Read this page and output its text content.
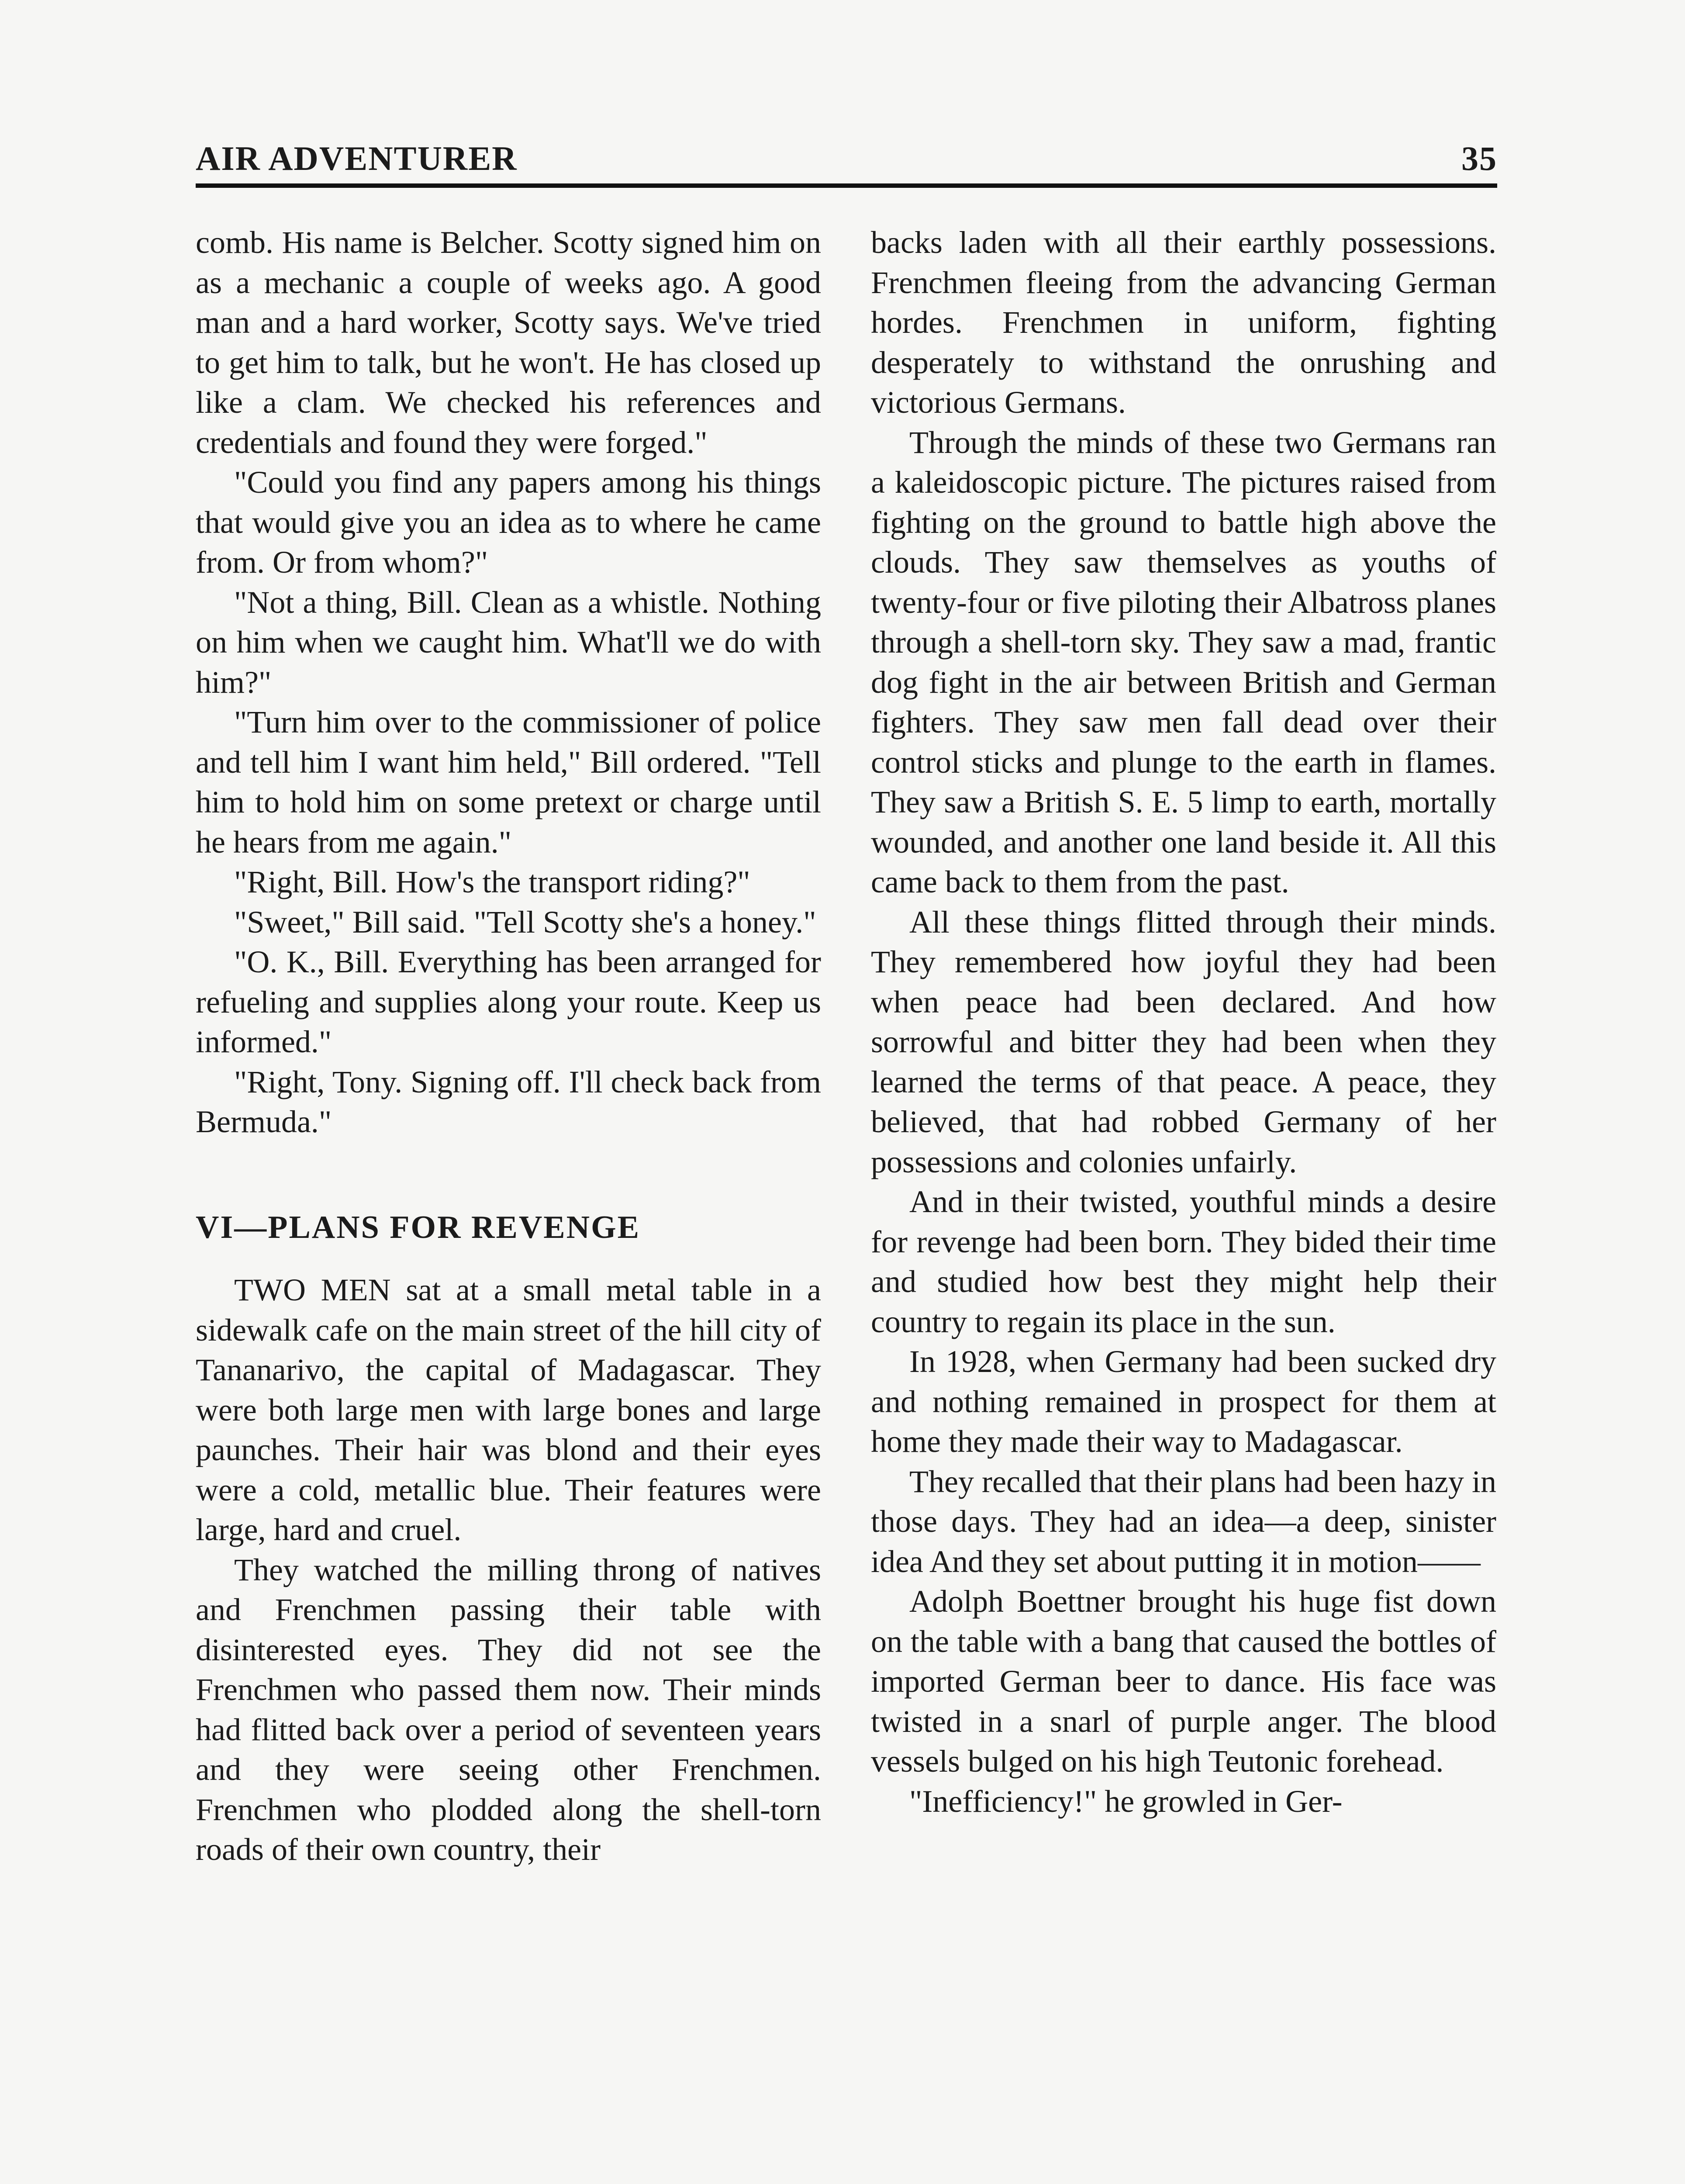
AIR ADVENTURER	35

comb. His name is Belcher. Scotty signed him on as a mechanic a couple of weeks ago. A good man and a hard worker, Scotty says. We've tried to get him to talk, but he won't. He has closed up like a clam. We checked his references and credentials and found they were forged."

"Could you find any papers among his things that would give you an idea as to where he came from. Or from whom?"

"Not a thing, Bill. Clean as a whistle. Nothing on him when we caught him. What'll we do with him?"

"Turn him over to the commissioner of police and tell him I want him held," Bill ordered. "Tell him to hold him on some pretext or charge until he hears from me again."

"Right, Bill. How's the transport riding?"

"Sweet," Bill said. "Tell Scotty she's a honey."

"O. K., Bill. Everything has been arranged for refueling and supplies along your route. Keep us informed."

"Right, Tony. Signing off. I'll check back from Bermuda."

VI—PLANS FOR REVENGE

TWO MEN sat at a small metal table in a sidewalk cafe on the main street of the hill city of Tananarivo, the capital of Madagascar. They were both large men with large bones and large paunches. Their hair was blond and their eyes were a cold, metallic blue. Their features were large, hard and cruel.

They watched the milling throng of natives and Frenchmen passing their table with disinterested eyes. They did not see the Frenchmen who passed them now. Their minds had flitted back over a period of seventeen years and they were seeing other Frenchmen. Frenchmen who plodded along the shell-torn roads of their own country, their

backs laden with all their earthly possessions. Frenchmen fleeing from the advancing German hordes. Frenchmen in uniform, fighting desperately to withstand the onrushing and victorious Germans.

Through the minds of these two Germans ran a kaleidoscopic picture. The pictures raised from fighting on the ground to battle high above the clouds. They saw themselves as youths of twenty-four or five piloting their Albatross planes through a shell-torn sky. They saw a mad, frantic dog fight in the air between British and German fighters. They saw men fall dead over their control sticks and plunge to the earth in flames. They saw a British S. E. 5 limp to earth, mortally wounded, and another one land beside it. All this came back to them from the past.

All these things flitted through their minds. They remembered how joyful they had been when peace had been declared. And how sorrowful and bitter they had been when they learned the terms of that peace. A peace, they believed, that had robbed Germany of her possessions and colonies unfairly.

And in their twisted, youthful minds a desire for revenge had been born. They bided their time and studied how best they might help their country to regain its place in the sun.

In 1928, when Germany had been sucked dry and nothing remained in prospect for them at home they made their way to Madagascar.

They recalled that their plans had been hazy in those days. They had an idea—a deep, sinister idea And they set about putting it in motion——

Adolph Boettner brought his huge fist down on the table with a bang that caused the bottles of imported German beer to dance. His face was twisted in a snarl of purple anger. The blood vessels bulged on his high Teutonic forehead.

"Inefficiency!" he growled in Ger-
